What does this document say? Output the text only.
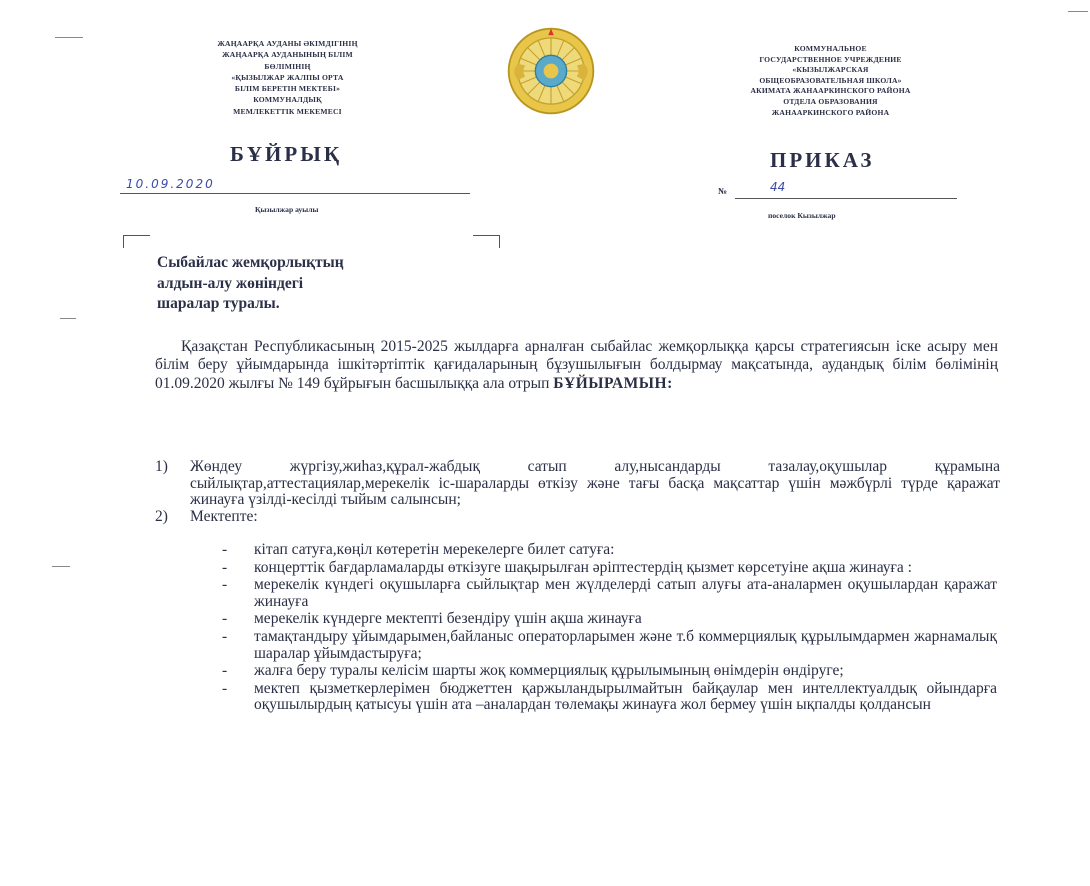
ЖАҢААРҚА АУДАНЫ ӘКІМДІГІНІҢ
ЖАҢААРҚА АУДАНЫНЫҢ БІЛІМ
БӨЛІМІНІҢ
«ҚЫЗЫЛЖАР ЖАЛПЫ ОРТА
БІЛІМ БЕРЕТІН МЕКТЕБІ»
КОММУНАЛДЫҚ
МЕМЛЕКЕТТІК МЕКЕМЕСІ
КОММУНАЛЬНОЕ
ГОСУДАРСТВЕННОЕ УЧРЕЖДЕНИЕ
«КЫЗЫЛЖАРСКАЯ
ОБЩЕОБРАЗОВАТЕЛЬНАЯ ШКОЛА»
АКИМАТА ЖАНААРКИНСКОГО РАЙОНА
ОТДЕЛА ОБРАЗОВАНИЯ
ЖАНААРКИНСКОГО РАЙОНА
БҰЙРЫҚ	ПРИКАЗ
10.09.2020	№	44
Қызылжар ауылы
поселок Кызылжар
Сыбайлас жемқорлықтың
алдын-алу жөніндегі
шаралар туралы.
Қазақстан Республикасының 2015-2025 жылдарға арналған сыбайлас жемқорлыққа қарсы стратегиясын іске асыру мен білім беру ұйымдарында ішкітәртіптік қағидаларының бұзушылығын болдырмау мақсатында, аудандық білім бөлімінің 01.09.2020 жылғы № 149 бұйрығын басшылыққа ала отрып БҰЙЫРАМЫН:
1)	Жөндеу жүргізу,жиһаз,құрал-жабдық сатып алу,нысандарды тазалау,оқушылар құрамына сыйлықтар,аттестациялар,мерекелік іс-шараларды өткізу және тағы басқа мақсаттар үшін мәжбүрлі түрде қаражат жинауға үзілді-кесілді тыйым салынсын;
2)	Мектепте:
-	кітап сатуға,көңіл көтеретін мерекелерге билет сатуға:
-	концерттік бағдарламаларды өткізуге шақырылған әріптестердің қызмет көрсетуіне ақша жинауға :
-	мерекелік күндегі оқушыларға сыйлықтар мен жүлделерді сатып алуғы ата-аналармен оқушылардан қаражат жинауға
-	мерекелік күндерге мектепті безендіру үшін ақша жинауға
-	тамақтандыру ұйымдарымен,байланыс операторларымен және т.б коммерциялық құрылымдармен жарнамалық шаралар ұйымдастыруға;
-	жалға беру туралы келісім шарты жоқ коммерциялық құрылымының өнімдерін өндіруге;
-	мектеп қызметкерлерімен бюджеттен қаржыландырылмайтын байқаулар мен интеллектуалдық ойындарға оқушылырдың қатысуы үшін ата –аналардан төлемақы жинауға жол бермеу үшін ықпалды қолдансын
